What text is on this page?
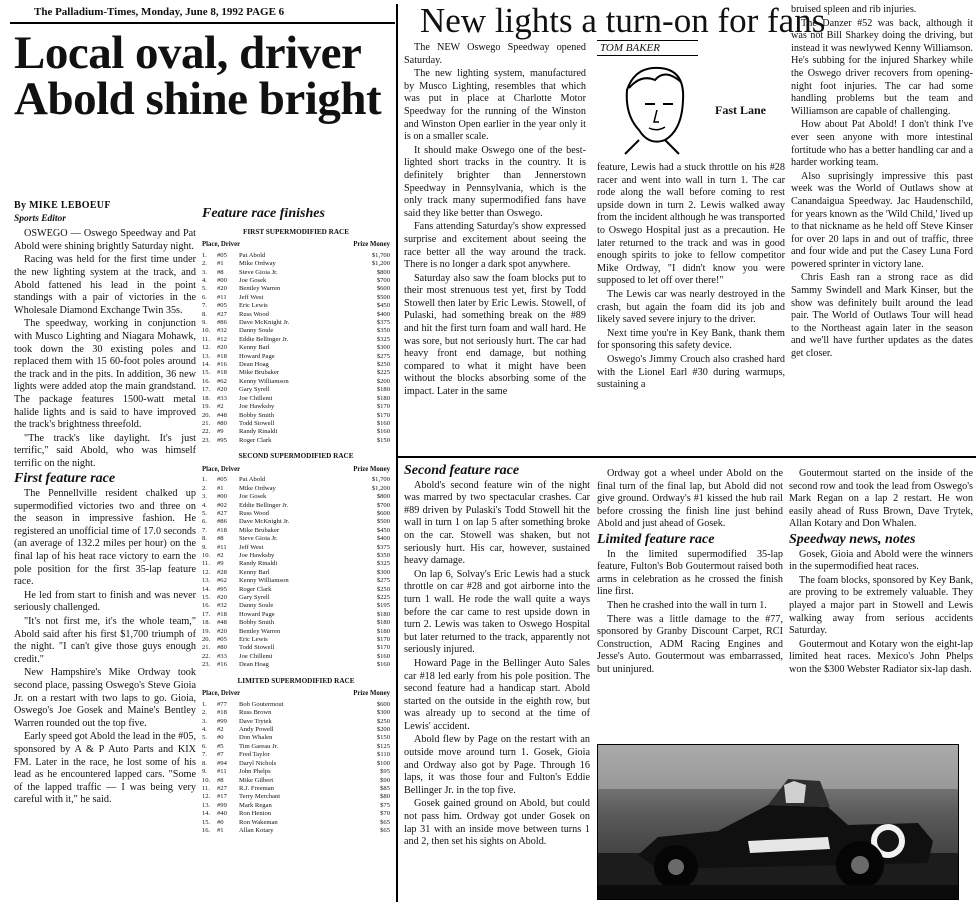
The Palladium-Times, Monday, June 8, 1992 PAGE 6
Local oval, driver Abold shine bright
By MIKE LEBOEUF
Sports Editor

OSWEGO — Oswego Speedway and Pat Abold were shining brightly Saturday night.

Racing was held for the first time under the new lighting system at the track, and Abold fattened his lead in the point standings with a pair of victories in the Wholesale Diamond Exchange Twin 35s.

The speedway, working in conjunction with Musco Lighting and Niagara Mohawk, took down the 30 existing poles and replaced them with 15 60-foot poles around the track and in the pits. In addition, 36 new lights were added atop the main grandstand. The package features 1500-watt metal halide lights and is said to have improved the track's brightness threefold.

"The track's like daylight. It's just terrific," said Abold, who was himself terrific on the night.

First feature race

The Pennellville resident chalked up supermodified victories two and three on the season in impressive fashion. He registered an unofficial time of 17.0 seconds (an average of 132.2 miles per hour) on the final lap of his heat race victory to earn the pole position for the first 35-lap feature race.

He led from start to finish and was never seriously challenged.

"It's not first me, it's the whole team," Abold said after his first $1,700 triumph of the night. "I can't give those guys enough credit."

New Hampshire's Mike Ordway took second place, passing Oswego's Steve Gioia Jr. on a restart with two laps to go. Gioia, Oswego's Joe Gosek and Maine's Bentley Warren rounded out the top five.

Early speed got Abold the lead in the #05, sponsored by A & P Auto Parts and KIX FM. Later in the race, he lost some of his lead as he encountered lapped cars. "Some of the lapped traffic — I was being very careful with it," he said.

Feature race finishes
FIRST SUPERMODIFIED RACE
Place, Driver	Prize Money
1.	#05	Pat Abold	$1,700
2.	#1	Mike Ordway	$1,200
3.	#8	Steve Gioia Jr.	$800
4.	#00	Joe Gosek	$700
5.	#20	Bentley Warren	$600
6.	#11	Jeff West	$500
7.	#05	Eric Lewis	$450
8.	#27	Russ Wood	$400
9.	#86	Dave McKnight Jr.	$375
10.	#32	Danny Soule	$350
11.	#12	Eddie Bellinger Jr.	$325
12.	#20	Kenny Barl	$300
13.	#18	Howard Page	$275
14.	#16	Dean Hoag	$250
15.	#18	Mike Brubaker	$225
16.	#62	Kenny Williamson	$200
17.	#20	Gary Syrell	$180
18.	#33	Joe Chillemi	$180
19.	#2	Joe Hawksby	$170
20.	#48	Bobby Smith	$170
21.	#80	Todd Stowell	$160
22.	#9	Randy Rinaldi	$160
23.	#95	Roger Clark	$150
SECOND SUPERMODIFIED RACE
Place, Driver	Prize Money
1.	#05	Pat Abold	$1,700
2.	#1	Mike Ordway	$1,200
3.	#00	Joe Gosek	$800
4.	#02	Eddie Bellinger Jr.	$700
5.	#27	Russ Wood	$600
6.	#86	Dave McKnight Jr.	$500
7.	#18	Mike Brubaker	$450
8.	#8	Steve Gioia Jr.	$400
9.	#11	Jeff West	$375
10.	#2	Joe Hawksby	$350
11.	#9	Randy Rinaldi	$325
12.	#28	Kenny Barl	$300
13.	#62	Kenny Williamson	$275
14.	#95	Roger Clark	$250
15.	#20	Gary Syrell	$225
16.	#32	Danny Soule	$195
17.	#18	Howard Page	$180
18.	#48	Bobby Smith	$180
19.	#20	Bentley Warren	$180
20.	#05	Eric Lewis	$170
21.	#80	Todd Stowell	$170
22.	#33	Joe Chillemi	$160
23.	#16	Dean Hoag	$160
LIMITED SUPERMODIFIED RACE
Place, Driver	Prize Money
1.	#77	Bob Goutermout	$600
2.	#18	Russ Brown	$300
3.	#99	Dave Trytek	$250
4.	#2	Andy Powell	$200
5.	#0	Don Whalen	$150
6.	#5	Tim Gareau Jr.	$125
7.	#7	Fred Taylor	$110
8.	#94	Daryl Nichols	$100
9.	#11	John Phelps	$95
10.	#8	Mike Gilbert	$90
11.	#27	R.J. Freeman	$85
12.	#17	Terry Merchant	$80
13.	#99	Mark Regan	$75
14.	#40	Ron Henion	$70
15.	#0	Ron Wakeman	$65
16.	#1	Allan Kotary	$65
New lights a turn-on for fans

The NEW Oswego Speedway opened Saturday.

The new lighting system, manufactured by Musco Lighting, resembles that which was put in place at Charlotte Motor Speedway for the running of the Winston and Winston Open earlier in the year only it is on a smaller scale.

It should make Oswego one of the best-lighted short tracks in the country. It is definitely brighter than Jennerstown Speedway in Pennsylvania, which is the only track many supermodified fans have said they like better than Oswego.

Fans attending Saturday's show expressed surprise and excitement about seeing the race better all the way around the track. There is no longer a dark spot anywhere.

Saturday also saw the foam blocks put to their most strenuous test yet, first by Todd Stowell then later by Eric Lewis. Stowell, of Pulaski, had something break on the #89 and hit the first turn foam and wall hard. He was sore, but not seriously hurt. The car had heavy front end damage, but nothing compared to what it might have been without the blocks absorbing some of the impact. Later in the same

TOM BAKER
Fast Lane

feature, Lewis had a stuck throttle on his #28 racer and went into wall in turn 1. The car rode along the wall before coming to rest upside down in turn 2. Lewis walked away from the incident although he was transported to Oswego Hospital just as a precaution. He later returned to the track and was in good enough spirits to joke to fellow competitor Mike Ordway, "I didn't know you were supposed to let off over there!"

The Lewis car was nearly destroyed in the crash, but again the foam did its job and likely saved severe injury to the driver.

Next time you're in Key Bank, thank them for sponsoring this safety device.

Oswego's Jimmy Crouch also crashed hard with the Lionel Earl #30 during warmups, sustaining a

bruised spleen and rib injuries.

The Danzer #52 was back, although it was not Bill Sharkey doing the driving, but instead it was newlywed Kenny Williamson. He's subbing for the injured Sharkey while the Oswego driver recovers from opening-night foot injuries. The car had some handling problems but the team and Williamson are capable of challenging.

How about Pat Abold! I don't think I've ever seen anyone with more intestinal fortitude who has a better handling car and a harder working team.

Also suprisingly impressive this past week was the World of Outlaws show at Canandaigua Speedway. Jac Haudenschild, for years known as the 'Wild Child,' lived up to that nickname as he held off Steve Kinser for over 20 laps in and out of traffic, three and four wide and put the Casey Luna Ford powered sprinter in victory lane.

Chris Eash ran a strong race as did Sammy Swindell and Mark Kinser, but the show was definitely built around the lead pair. The World of Outlaws Tour will head to the Northeast again later in the season and we'll have further updates as the dates get closer.

Second feature race

Abold's second feature win of the night was marred by two spectacular crashes. Car #89 driven by Pulaski's Todd Stowell hit the wall in turn 1 on lap 5 after something broke on the car. Stowell was shaken, but not seriously hurt. His car, however, sustained heavy damage.

On lap 6, Solvay's Eric Lewis had a stuck throttle on car #28 and got airborne into the turn 1 wall. He rode the wall quite a ways before the car came to rest upside down in turn 2. Lewis was taken to Oswego Hospital but later returned to the track, apparently not seriously injured.

Howard Page in the Bellinger Auto Sales car #18 led early from his pole position. The second feature had a handicap start. Abold started on the outside in the eighth row, but was already up to second at the time of Lewis' accident.

Abold flew by Page on the restart with an outside move around turn 1. Gosek, Gioia and Ordway also got by Page. Through 16 laps, it was those four and Fulton's Eddie Bellinger Jr. in the top five.

Gosek gained ground on Abold, but could not pass him. Ordway got under Gosek on lap 31 with an inside move between turns 1 and 2, then set his sights on Abold.

Ordway got a wheel under Abold on the final turn of the final lap, but Abold did not give ground. Ordway's #1 kissed the hub rail before crossing the finish line just behind Abold and just ahead of Gosek.

Limited feature race

In the limited supermodified 35-lap feature, Fulton's Bob Goutermout raised both arms in celebration as he crossed the finish line first.

Then he crashed into the wall in turn 1.

There was a little damage to the #77, sponsored by Granby Discount Carpet, RCI Construction, ADM Racing Engines and Jesse's Auto. Goutermout was embarrassed, but uninjured.

Goutermout started on the inside of the second row and took the lead from Oswego's Mark Regan on a lap 2 restart. He won easily ahead of Russ Brown, Dave Trytek, Allan Kotary and Don Whalen.

Speedway news, notes

Gosek, Gioia and Abold were the winners in the supermodified heat races.

The foam blocks, sponsored by Key Bank, are proving to be extremely valuable. They played a major part in Stowell and Lewis walking away from serious accidents Saturday.

Goutermout and Kotary won the eight-lap limited heat races. Mexico's John Phelps won the $300 Webster Radiator six-lap dash.
